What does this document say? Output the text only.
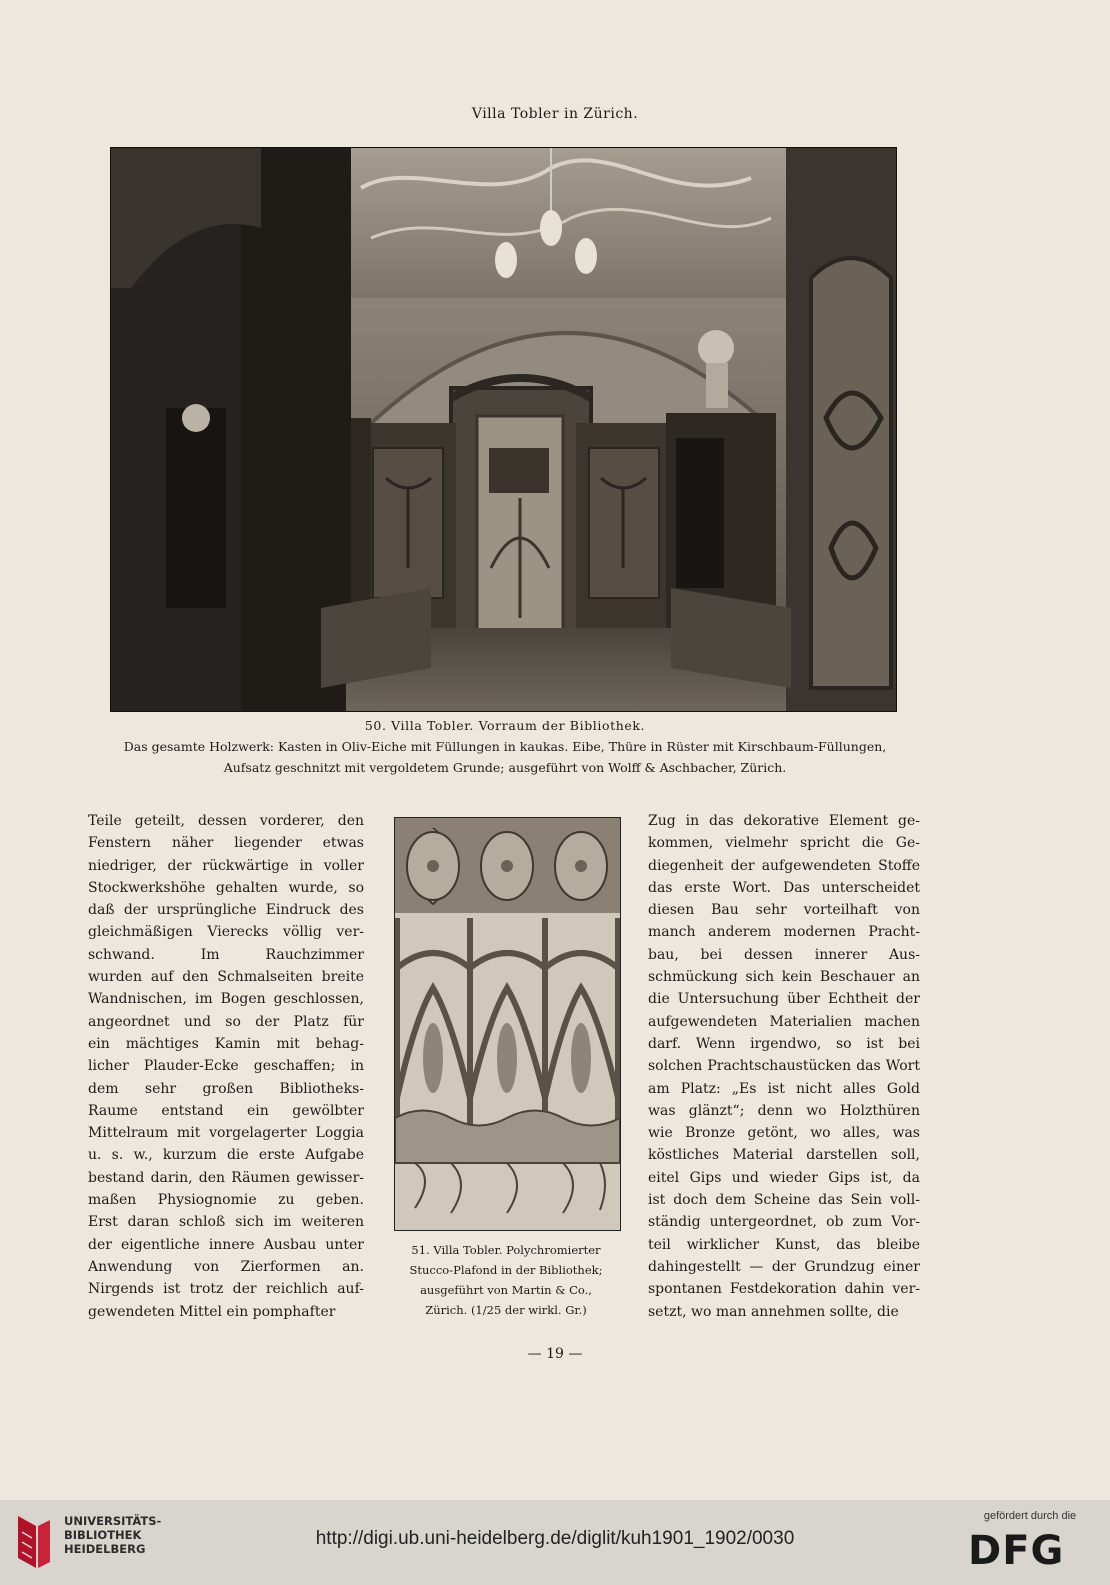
Villa Tobler in Zürich.
50. Villa Tobler. Vorraum der Bibliothek.
Das gesamte Holzwerk: Kasten in Oliv-Eiche mit Füllungen in kaukas. Eibe, Thüre in Rüster mit Kirschbaum-Füllungen,
Aufsatz geschnitzt mit vergoldetem Grunde; ausgeführt von Wolff & Aschbacher, Zürich.
Teile geteilt, dessen vorderer, den
Fenstern näher liegender etwas
niedriger, der rückwärtige in voller
Stockwerkshöhe gehalten wurde, so
daß der ursprüngliche Eindruck des
gleichmäßigen Vierecks völlig ver-
schwand. Im Rauchzimmer
wurden auf den Schmalseiten breite
Wandnischen, im Bogen geschlossen,
angeordnet und so der Platz für
ein mächtiges Kamin mit behag-
licher Plauder-Ecke geschaffen; in
dem sehr großen Bibliotheks-
Raume entstand ein gewölbter
Mittelraum mit vorgelagerter Loggia
u. s. w., kurzum die erste Aufgabe
bestand darin, den Räumen gewisser-
maßen Physiognomie zu geben.
Erst daran schloß sich im weiteren
der eigentliche innere Ausbau unter
Anwendung von Zierformen an.
Nirgends ist trotz der reichlich auf-
gewendeten Mittel ein pomphafter
51. Villa Tobler. Polychromierter
Stucco-Plafond in der Bibliothek;
ausgeführt von Martin & Co.,
Zürich. (1/25 der wirkl. Gr.)
Zug in das dekorative Element ge-
kommen, vielmehr spricht die Ge-
diegenheit der aufgewendeten Stoffe
das erste Wort. Das unterscheidet
diesen Bau sehr vorteilhaft von
manch anderem modernen Pracht-
bau, bei dessen innerer Aus-
schmückung sich kein Beschauer an
die Untersuchung über Echtheit der
aufgewendeten Materialien machen
darf. Wenn irgendwo, so ist bei
solchen Prachtschaustücken das Wort
am Platz: „Es ist nicht alles Gold
was glänzt“; denn wo Holzthüren
wie Bronze getönt, wo alles, was
köstliches Material darstellen soll,
eitel Gips und wieder Gips ist, da
ist doch dem Scheine das Sein voll-
ständig untergeordnet, ob zum Vor-
teil wirklicher Kunst, das bleibe
dahingestellt — der Grundzug einer
spontanen Festdekoration dahin ver-
setzt, wo man annehmen sollte, die
— 19 —
UNIVERSITÄTS-
BIBLIOTHEK
HEIDELBERG	http://digi.ub.uni-heidelberg.de/diglit/kuh1901_1902/0030
gefördert durch die
DFG
